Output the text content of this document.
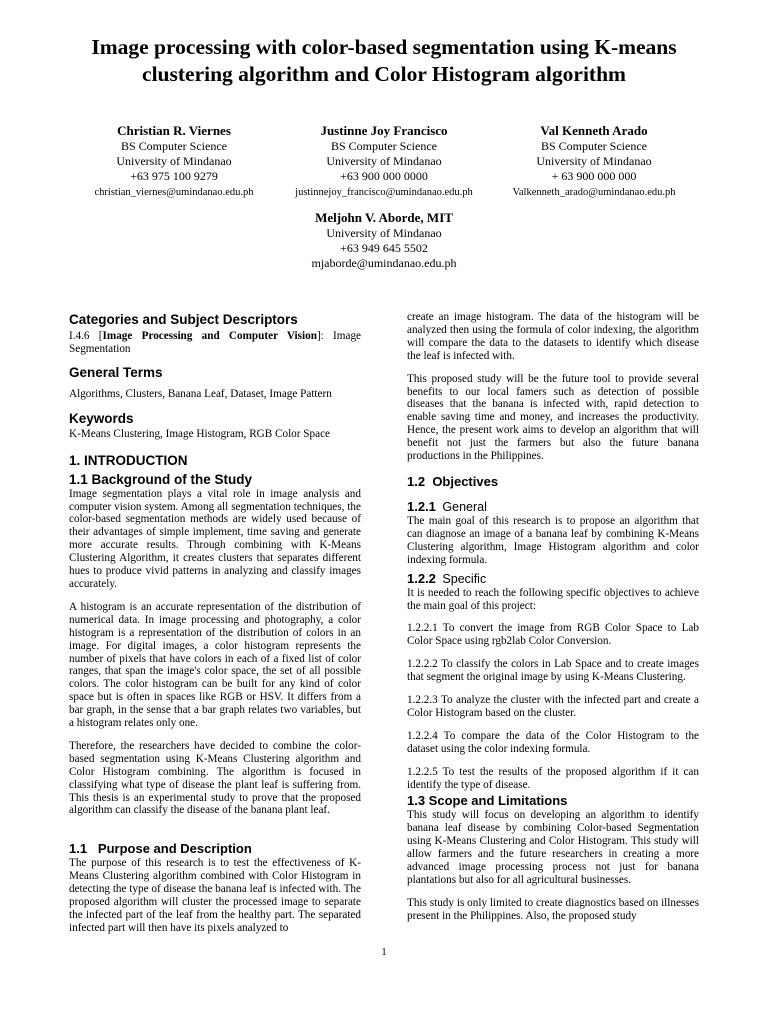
Image processing with color-based segmentation using K-means clustering algorithm and Color Histogram algorithm
Christian R. Viernes
BS Computer Science
University of Mindanao
+63 975 100 9279
christian_viernes@umindanao.edu.ph
Justinne Joy Francisco
BS Computer Science
University of Mindanao
+63 900 000 0000
justinnejoy_francisco@umindanao.edu.ph
Val Kenneth Arado
BS Computer Science
University of Mindanao
+ 63 900 000 000
Valkenneth_arado@umindanao.edu.ph
Meljohn V. Aborde, MIT
University of Mindanao
+63 949 645 5502
mjaborde@umindanao.edu.ph
Categories and Subject Descriptors

I.4.6 [Image Processing and Computer Vision]: Image Segmentation

General Terms

Algorithms, Clusters, Banana Leaf, Dataset, Image Pattern

Keywords

K-Means Clustering, Image Histogram, RGB Color Space

1. INTRODUCTION
1.1 Background of the Study

Image segmentation plays a vital role in image analysis and computer vision system. Among all segmentation techniques, the color-based segmentation methods are widely used because of their advantages of simple implement, time saving and generate more accurate results. Through combining with K-Means Clustering Algorithm, it creates clusters that separates different hues to produce vivid patterns in analyzing and classify images accurately.

A histogram is an accurate representation of the distribution of numerical data. In image processing and photography, a color histogram is a representation of the distribution of colors in an image. For digital images, a color histogram represents the number of pixels that have colors in each of a fixed list of color ranges, that span the image's color space, the set of all possible colors. The color histogram can be built for any kind of color space but is often in spaces like RGB or HSV. It differs from a bar graph, in the sense that a bar graph relates two variables, but a histogram relates only one.

Therefore, the researchers have decided to combine the color-based segmentation using K-Means Clustering algorithm and Color Histogram combining. The algorithm is focused in classifying what type of disease the plant leaf is suffering from. This thesis is an experimental study to prove that the proposed algorithm can classify the disease of the banana plant leaf.

1.1 Purpose and Description

The purpose of this research is to test the effectiveness of K-Means Clustering algorithm combined with Color Histogram in detecting the type of disease the banana leaf is infected with. The proposed algorithm will cluster the processed image to separate the infected part of the leaf from the healthy part. The separated infected part will then have its pixels analyzed to

create an image histogram. The data of the histogram will be analyzed then using the formula of color indexing, the algorithm will compare the data to the datasets to identify which disease the leaf is infected with.

This proposed study will be the future tool to provide several benefits to our local famers such as detection of possible diseases that the banana is infected with, rapid detection to enable saving time and money, and increases the productivity. Hence, the present work aims to develop an algorithm that will benefit not just the farmers but also the future banana productions in the Philippines.

1.2 Objectives
1.2.1 General

The main goal of this research is to propose an algorithm that can diagnose an image of a banana leaf by combining K-Means Clustering algorithm, Image Histogram algorithm and color indexing formula.

1.2.2 Specific

It is needed to reach the following specific objectives to achieve the main goal of this project:

1.2.2.1 To convert the image from RGB Color Space to Lab Color Space using rgb2lab Color Conversion.

1.2.2.2 To classify the colors in Lab Space and to create images that segment the original image by using K-Means Clustering.

1.2.2.3 To analyze the cluster with the infected part and create a Color Histogram based on the cluster.

1.2.2.4 To compare the data of the Color Histogram to the dataset using the color indexing formula.

1.2.2.5 To test the results of the proposed algorithm if it can identify the type of disease.

1.3 Scope and Limitations

This study will focus on developing an algorithm to identify banana leaf disease by combining Color-based Segmentation using K-Means Clustering and Color Histogram. This study will allow farmers and the future researchers in creating a more advanced image processing process not just for banana plantations but also for all agricultural businesses.

This study is only limited to create diagnostics based on illnesses present in the Philippines. Also, the proposed study

1
